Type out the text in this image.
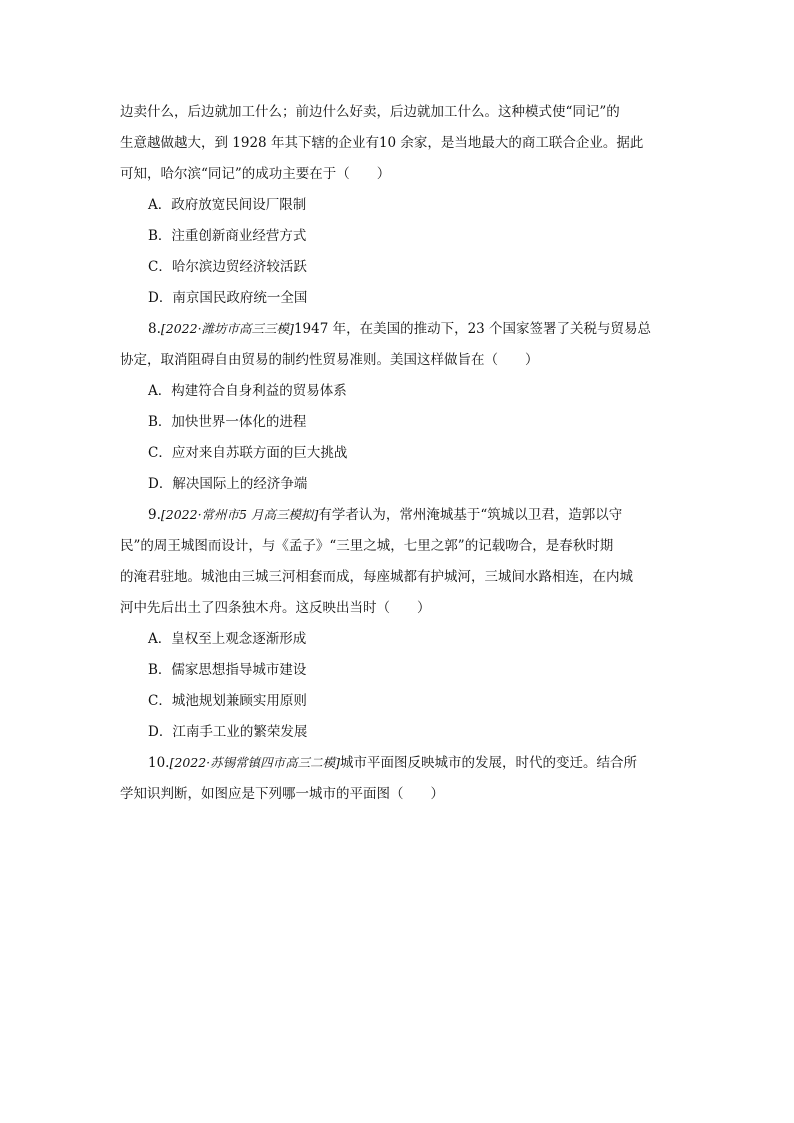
边卖什么，后边就加工什么；前边什么好卖，后边就加工什么。这种模式使“同记”的
生意越做越大，到 1928 年其下辖的企业有10 余家，是当地最大的商工联合企业。据此
可知，哈尔滨“同记”的成功主要在于（　　）
A．政府放宽民间设厂限制
B．注重创新商业经营方式
C．哈尔滨边贸经济较活跃
D．南京国民政府统一全国
8.[2022·潍坊市高三三模]1947 年，在美国的推动下，23 个国家签署了关税与贸易总
协定，取消阻碍自由贸易的制约性贸易准则。美国这样做旨在（　　）
A．构建符合自身利益的贸易体系
B．加快世界一体化的进程
C．应对来自苏联方面的巨大挑战
D．解决国际上的经济争端
9.[2022·常州市5 月高三模拟]有学者认为，常州淹城基于“筑城以卫君，造郭以守
民”的周王城图而设计，与《孟子》“三里之城，七里之郭”的记载吻合，是春秋时期
的淹君驻地。城池由三城三河相套而成，每座城都有护城河，三城间水路相连，在内城
河中先后出土了四条独木舟。这反映出当时（　　）
A．皇权至上观念逐渐形成
B．儒家思想指导城市建设
C．城池规划兼顾实用原则
D．江南手工业的繁荣发展
10.[2022·苏锡常镇四市高三二模]城市平面图反映城市的发展，时代的变迁。结合所
学知识判断，如图应是下列哪一城市的平面图（　　）
